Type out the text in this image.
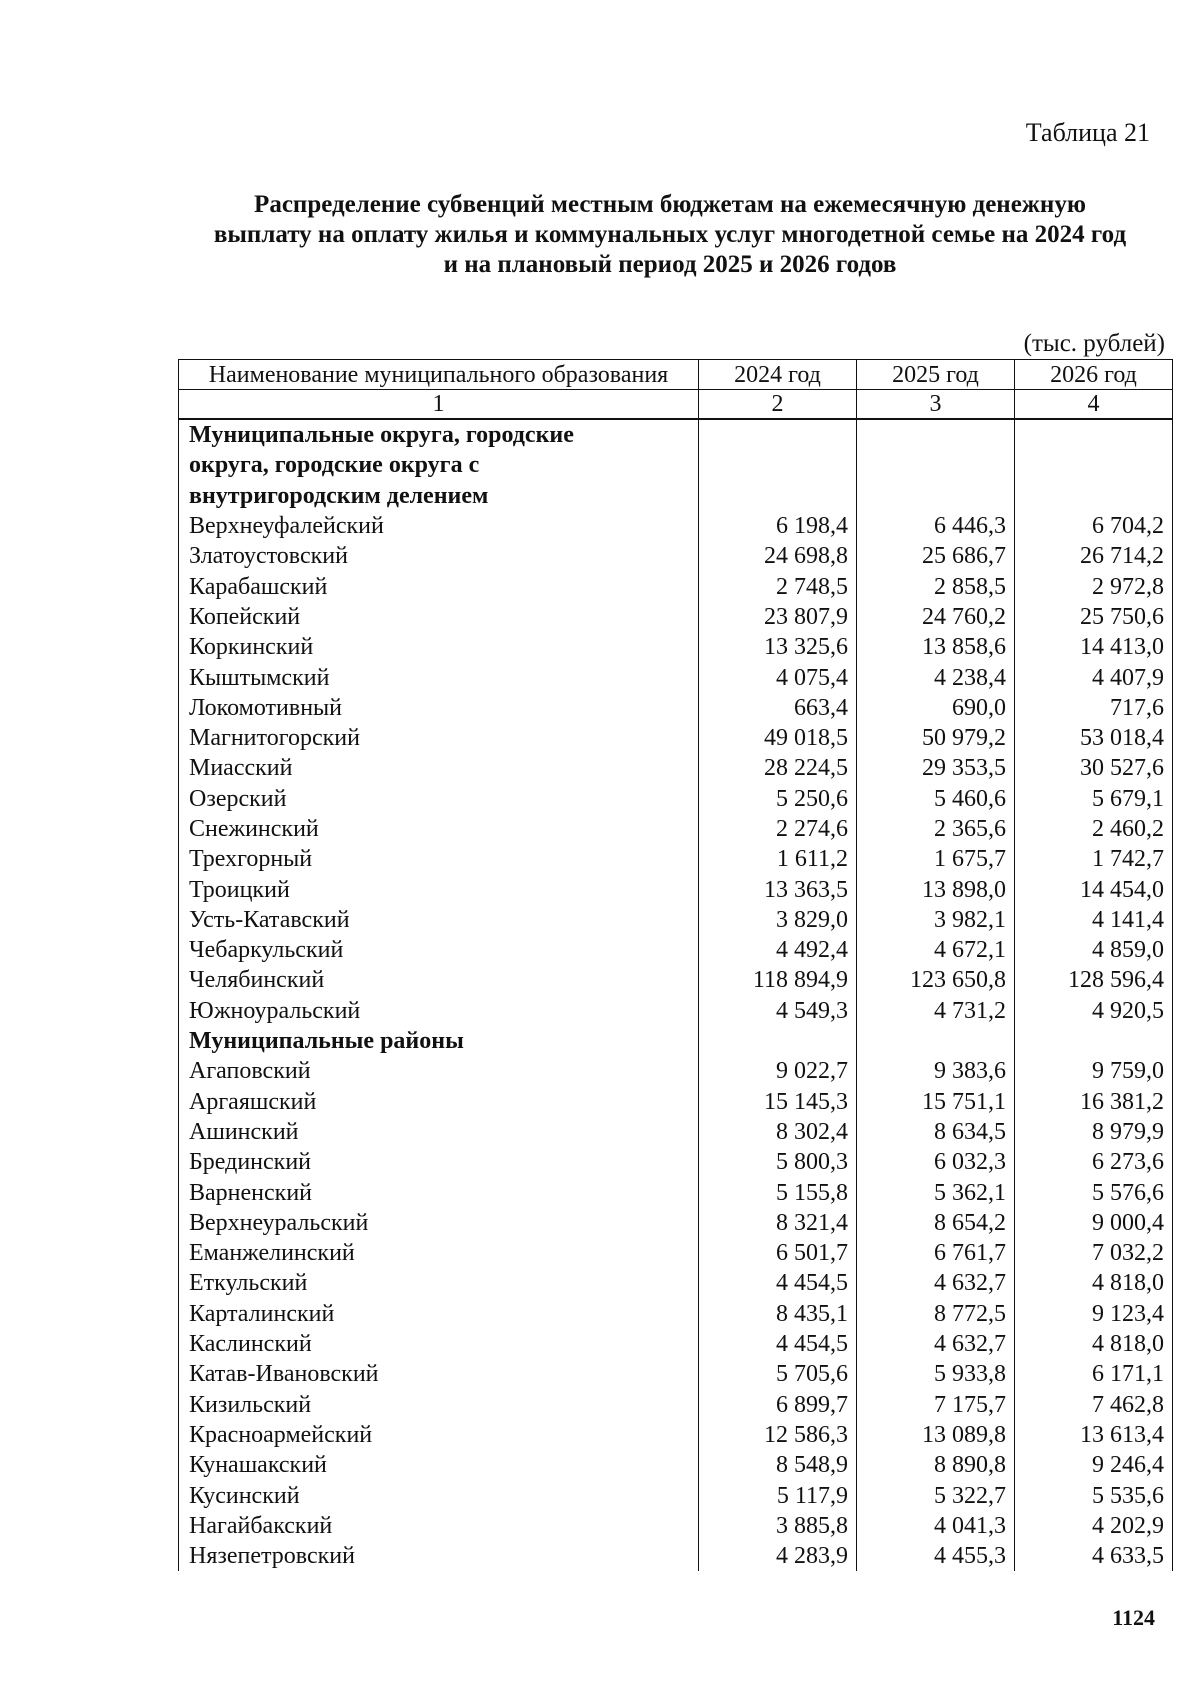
Таблица 21
Распределение субвенций местным бюджетам на ежемесячную денежную
выплату на оплату жилья и коммунальных услуг многодетной семье на 2024 год
и на плановый период 2025 и 2026 годов
(тыс. рублей)
Наименование муниципального образования	2024 год	2025 год	2026 год
1	2	3	4
Муниципальные округа, городские			
округа, городские округа с			
внутригородским делением			
Верхнеуфалейский	6 198,4	6 446,3	6 704,2
Златоустовский	24 698,8	25 686,7	26 714,2
Карабашский	2 748,5	2 858,5	2 972,8
Копейский	23 807,9	24 760,2	25 750,6
Коркинский	13 325,6	13 858,6	14 413,0
Кыштымский	4 075,4	4 238,4	4 407,9
Локомотивный	663,4	690,0	717,6
Магнитогорский	49 018,5	50 979,2	53 018,4
Миасский	28 224,5	29 353,5	30 527,6
Озерский	5 250,6	5 460,6	5 679,1
Снежинский	2 274,6	2 365,6	2 460,2
Трехгорный	1 611,2	1 675,7	1 742,7
Троицкий	13 363,5	13 898,0	14 454,0
Усть-Катавский	3 829,0	3 982,1	4 141,4
Чебаркульский	4 492,4	4 672,1	4 859,0
Челябинский	118 894,9	123 650,8	128 596,4
Южноуральский	4 549,3	4 731,2	4 920,5
Муниципальные районы			
Агаповский	9 022,7	9 383,6	9 759,0
Аргаяшский	15 145,3	15 751,1	16 381,2
Ашинский	8 302,4	8 634,5	8 979,9
Брединский	5 800,3	6 032,3	6 273,6
Варненский	5 155,8	5 362,1	5 576,6
Верхнеуральский	8 321,4	8 654,2	9 000,4
Еманжелинский	6 501,7	6 761,7	7 032,2
Еткульский	4 454,5	4 632,7	4 818,0
Карталинский	8 435,1	8 772,5	9 123,4
Каслинский	4 454,5	4 632,7	4 818,0
Катав-Ивановский	5 705,6	5 933,8	6 171,1
Кизильский	6 899,7	7 175,7	7 462,8
Красноармейский	12 586,3	13 089,8	13 613,4
Кунашакский	8 548,9	8 890,8	9 246,4
Кусинский	5 117,9	5 322,7	5 535,6
Нагайбакский	3 885,8	4 041,3	4 202,9
Нязепетровский	4 283,9	4 455,3	4 633,5
1124
